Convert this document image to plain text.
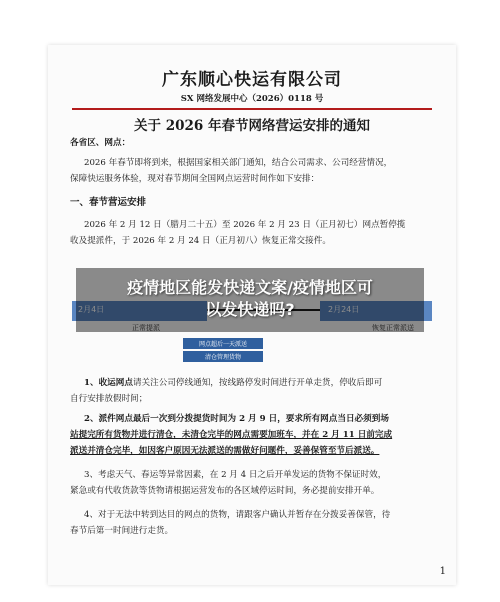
广东顺心快运有限公司
SX 网络发展中心（2026）0118 号
关于 2026 年春节网络营运安排的通知
各省区、网点：
2026 年春节即将到来，根据国家相关部门通知，结合公司需求、公司经营情况，
保障快运服务体验，现对春节期间全国网点运营时间作如下安排：
一、春节营运安排
2026 年 2 月 12 日（腊月二十五）至 2026 年 2 月 23 日（正月初七）网点暂停揽
收及提派件，于 2026 年 2 月 24 日（正月初八）恢复正常交接件。
2月4日	2月24日
正常提派	恢复正常派送
网点超后一天派送
清仓管理货物
1、收运网点请关注公司停线通知，按线路停发时间进行开单走货，停收后即可
自行安排放假时间；
2、派件网点最后一次到分拨提货时间为 2 月 9 日，要求所有网点当日必须到场
站提完所有货物并进行清仓，未清仓完毕的网点需要加班车，并在 2 月 11 日前完成
派送并清仓完毕，如因客户原因无法派送的需做好问题件，妥善保管至节后派送。
3、考虑天气、春运等异常因素，在 2 月 4 日之后开单发运的货物不保证时效，
紧急或有代收货款等货物请根据运营发布的各区域停运时间，务必提前安排开单。
4、对于无法中转到达目的网点的货物，请跟客户确认并暂存在分拨妥善保管，待
春节后第一时间进行走货。
1
疫情地区能发快递文案/疫情地区可
以发快递吗?
